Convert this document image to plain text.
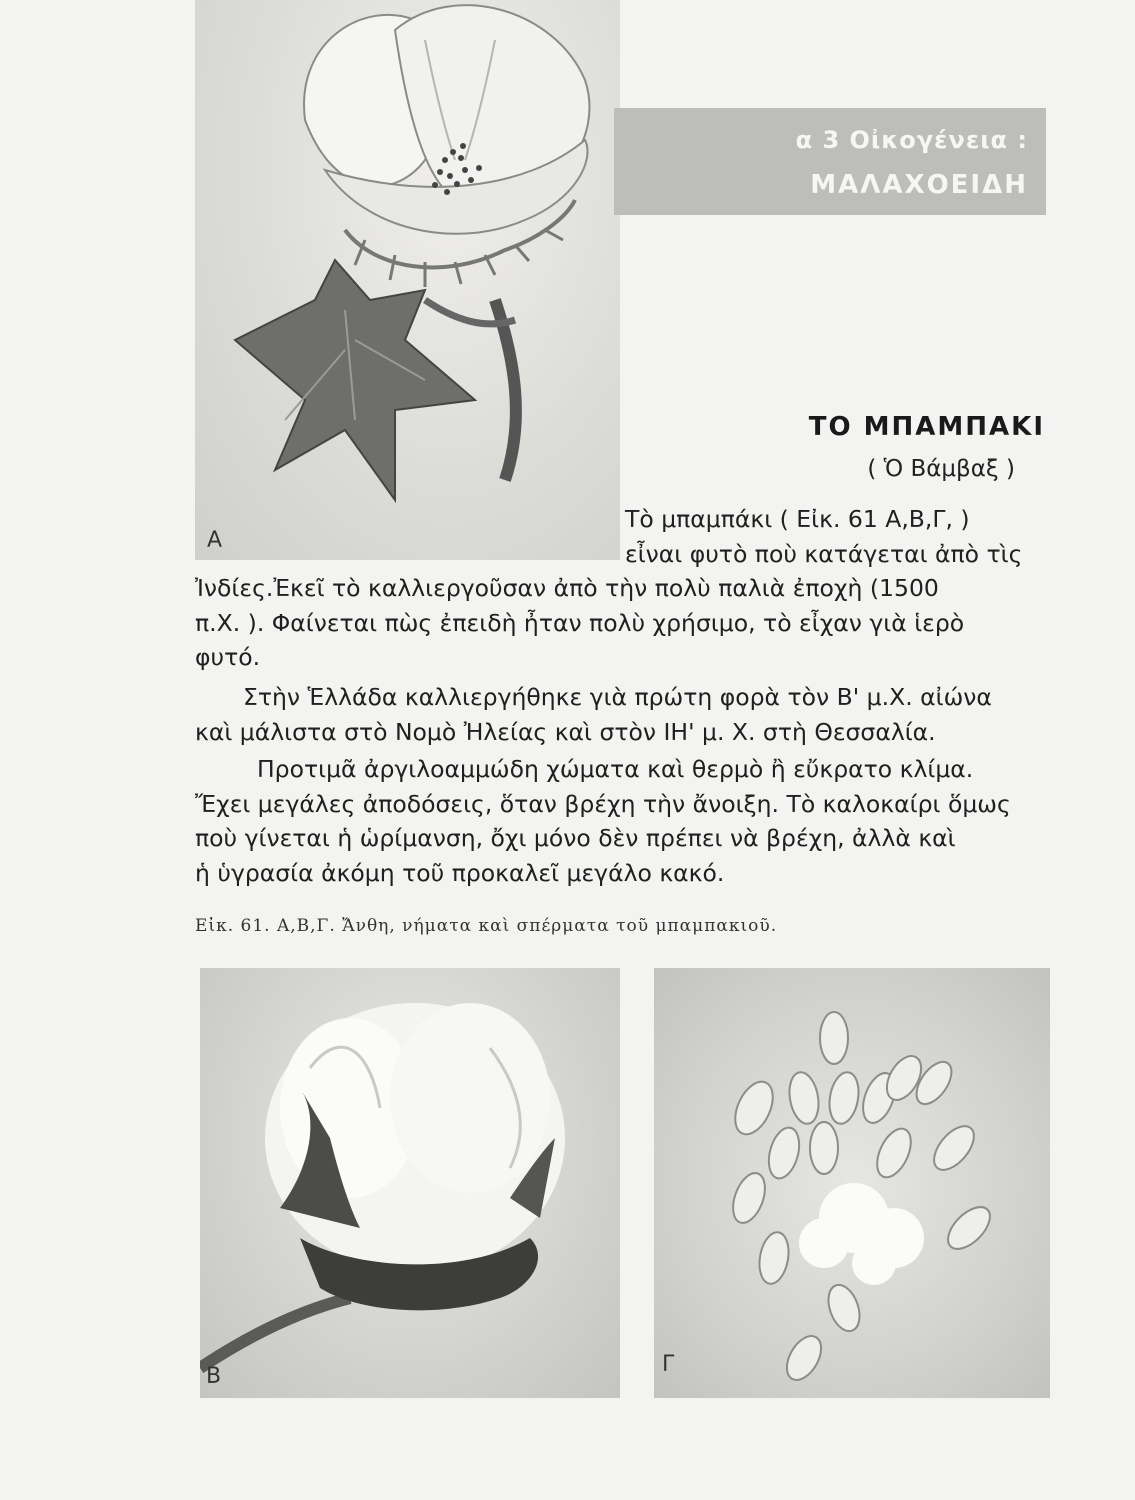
Α
α 3 Οἰκογένεια :
ΜΑΛΑΧΟΕΙΔΗ
ΤΟ ΜΠΑΜΠΑΚΙ
( Ὁ Βάμβαξ )
Τὸ μπαμπάκι ( Εἰκ. 61 Α,Β,Γ, )
εἶναι φυτὸ ποὺ κατάγεται ἀπὸ τὶς
Ἰνδίες.Ἐκεῖ τὸ καλλιεργοῦσαν ἀπὸ τὴν πολὺ παλιὰ ἐποχὴ (1500
π.Χ. ). Φαίνεται πὼς ἐπειδὴ ἦταν πολὺ χρήσιμο, τὸ εἶχαν γιὰ ἱερὸ
φυτό.
Στὴν Ἑλλάδα καλλιεργήθηκε γιὰ πρώτη φορὰ τὸν Β' μ.Χ. αἰώνα
καὶ μάλιστα στὸ Νομὸ Ἠλείας καὶ στὸν ΙΗ' μ. Χ. στὴ Θεσσαλία.
Προτιμᾶ ἀργιλοαμμώδη χώματα καὶ θερμὸ ἢ εὔκρατο κλίμα.
Ἔχει μεγάλες ἀποδόσεις, ὅταν βρέχη τὴν ἄνοιξη. Τὸ καλοκαίρι ὅμως
ποὺ γίνεται ἡ ὡρίμανση, ὄχι μόνο δὲν πρέπει νὰ βρέχη, ἀλλὰ καὶ
ἡ ὑγρασία ἀκόμη τοῦ προκαλεῖ μεγάλο κακό.
Εἰκ. 61. Α,Β,Γ. Ἄνθη, νήματα καὶ σπέρματα τοῦ μπαμπακιοῦ.
Β	Γ
